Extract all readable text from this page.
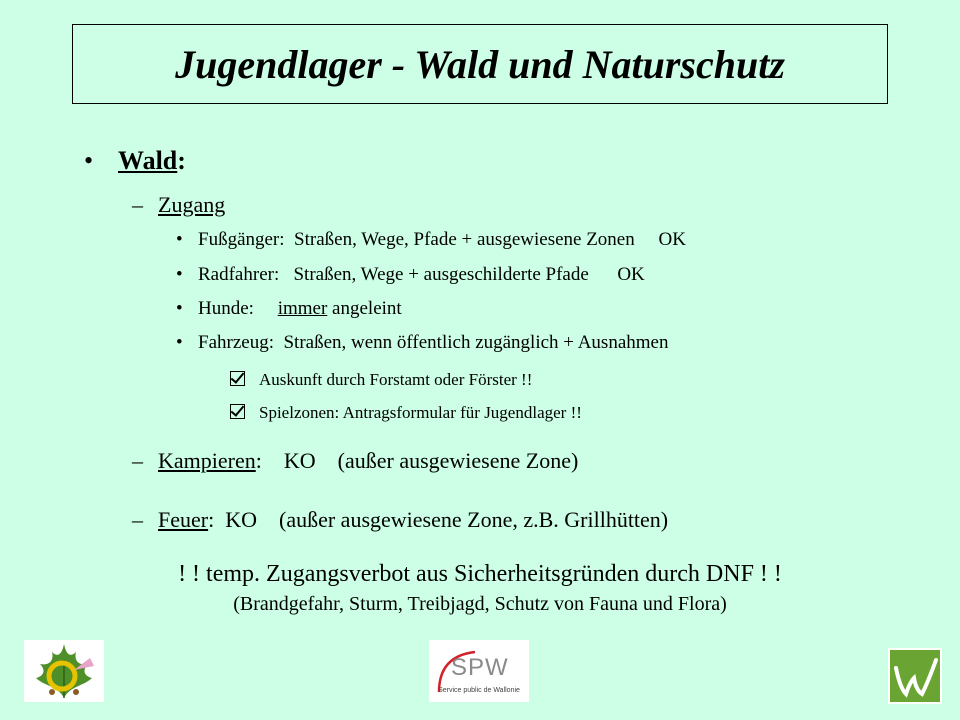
Jugendlager - Wald und Naturschutz
• Wald:
– Zugang
• Fußgänger: Straßen, Wege, Pfade + ausgewiesene Zonen OK
• Radfahrer: Straßen, Wege + ausgeschilderte Pfade OK
• Hunde: immer angeleint
• Fahrzeug: Straßen, wenn öffentlich zugänglich + Ausnahmen
Auskunft durch Forstamt oder Förster !!
Spielzonen: Antragsformular für Jugendlager !!
– Kampieren: KO (außer ausgewiesene Zone)
– Feuer: KO (außer ausgewiesene Zone, z.B. Grillhütten)
! ! temp. Zugangsverbot aus Sicherheitsgründen durch DNF ! !
(Brandgefahr, Sturm, Treibjagd, Schutz von Fauna und Flora)
SPW
Service public de Wallonie
